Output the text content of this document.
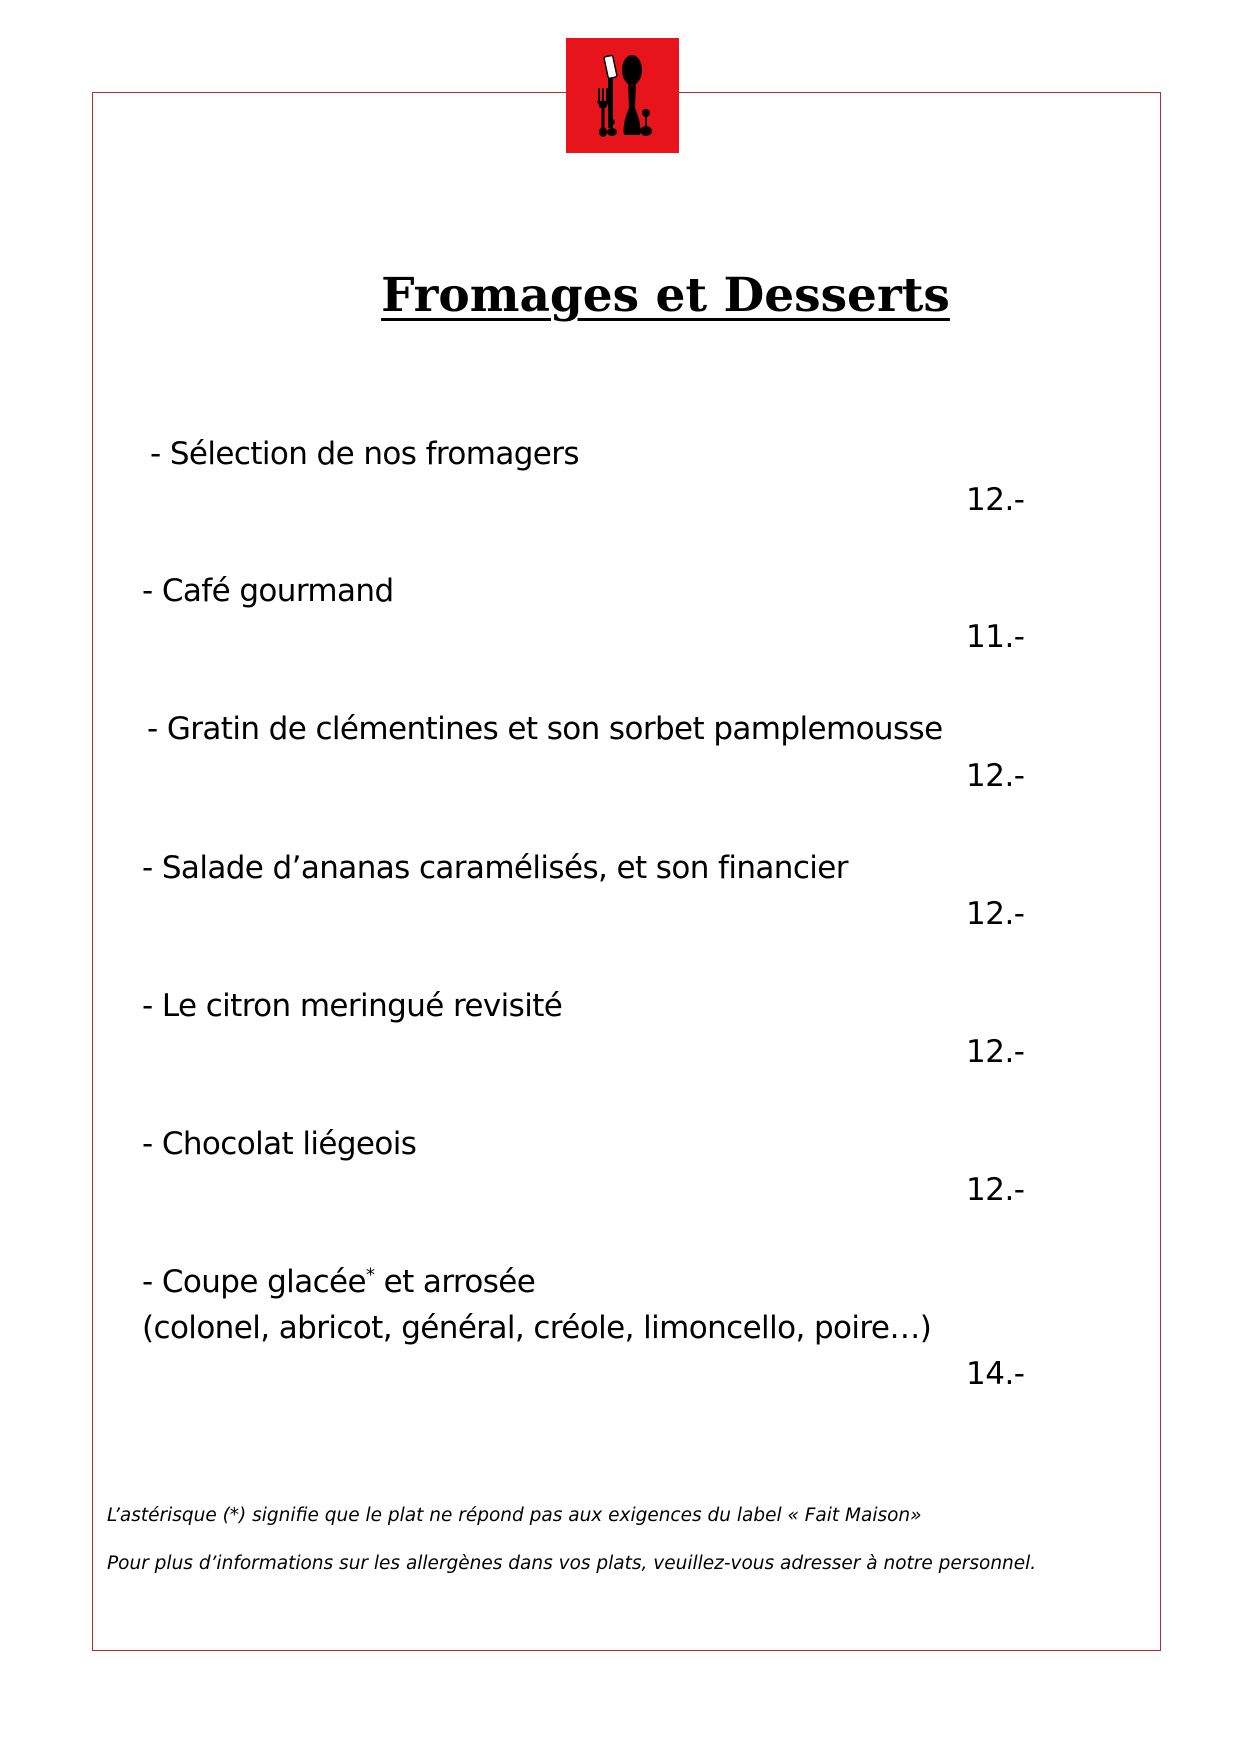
Fromages et Desserts

- Sélection de nos fromagers

12.-

- Café gourmand

11.-

- Gratin de clémentines et son sorbet pamplemousse

12.-

- Salade d’ananas caramélisés, et son financier

12.-

- Le citron meringué revisité

12.-

- Chocolat liégeois

12.-

- Coupe glacée* et arrosée

(colonel, abricot, général, créole, limoncello, poire…)

14.-

L’astérisque (*) signifie que le plat ne répond pas aux exigences du label « Fait Maison»

Pour plus d’informations sur les allergènes dans vos plats, veuillez-vous adresser à notre personnel.
